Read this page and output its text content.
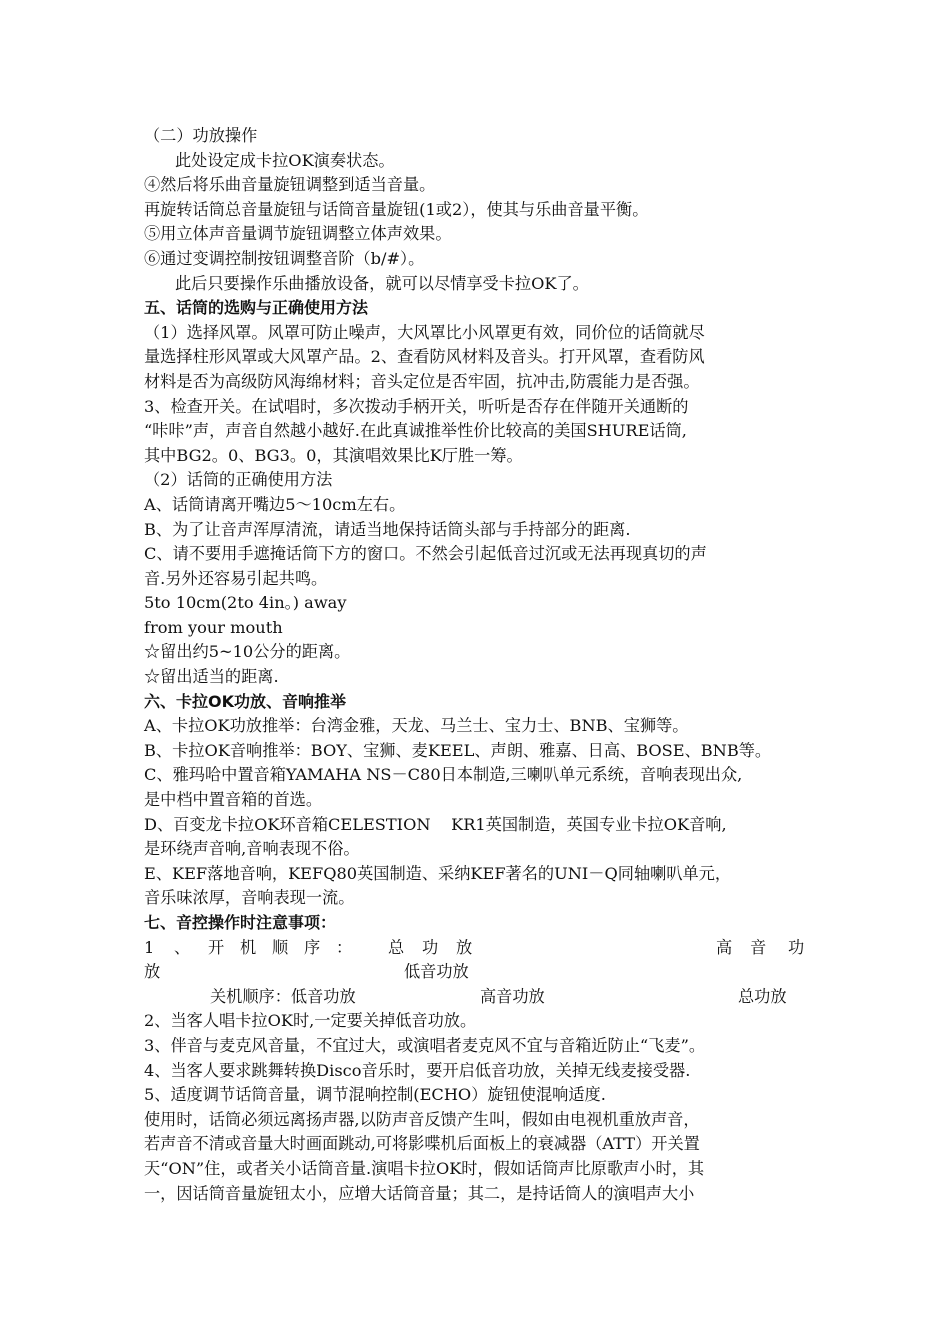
（二）功放操作
此处设定成卡拉OK演奏状态。
④然后将乐曲音量旋钮调整到适当音量。
再旋转话筒总音量旋钮与话筒音量旋钮(1或2），使其与乐曲音量平衡。
⑤用立体声音量调节旋钮调整立体声效果。
⑥通过变调控制按钮调整音阶（b/#）。
此后只要操作乐曲播放设备，就可以尽情享受卡拉OK了。
五、话筒的选购与正确使用方法
（1）选择风罩。风罩可防止噪声，大风罩比小风罩更有效，同价位的话筒就尽
量选择柱形风罩或大风罩产品。2、查看防风材料及音头。打开风罩，查看防风
材料是否为高级防风海绵材料；音头定位是否牢固，抗冲击,防震能力是否强。
3、检查开关。在试唱时，多次拨动手柄开关，听听是否存在伴随开关通断的
“咔咔”声，声音自然越小越好.在此真诚推举性价比较高的美国SHURE话筒,
其中BG2。0、BG3。0，其演唱效果比K厅胜一筹。
（2）话筒的正确使用方法
A、话筒请离开嘴边5～10cm左右。
B、为了让音声浑厚清流，请适当地保持话筒头部与手持部分的距离.
C、请不要用手遮掩话筒下方的窗口。不然会引起低音过沉或无法再现真切的声
音.另外还容易引起共鸣。
5to 10cm(2to 4in。) away
from your mouth
☆留出约5~10公分的距离。
☆留出适当的距离.
六、卡拉OK功放、音响推举
A、卡拉OK功放推举：台湾金雅，天龙、马兰士、宝力士、BNB、宝狮等。
B、卡拉OK音响推举：BOY、宝狮、麦KEEL、声朗、雅嘉、日高、BOSE、BNB等。
C、雅玛哈中置音箱YAMAHA NS－C80日本制造,三喇叭单元系统，音响表现出众,
是中档中置音箱的首选。
D、百变龙卡拉OK环音箱CELESTION    KR1英国制造，英国专业卡拉OK音响,
是环绕声音响,音响表现不俗。
E、KEF落地音响，KEFQ80英国制造、采纳KEF著名的UNI－Q同轴喇叭单元，
音乐味浓厚，音响表现一流。
七、音控操作时注意事项：
1 、 开 机 顺 序 ： 总 功 放	高 音 功
放	低音功放
关机顺序：低音功放	高音功放	总功放
2、当客人唱卡拉OK时,一定要关掉低音功放。
3、伴音与麦克风音量，不宜过大，或演唱者麦克风不宜与音箱近防止“飞麦”。
4、当客人要求跳舞转换Disco音乐时，要开启低音功放，关掉无线麦接受器.
5、适度调节话筒音量，调节混响控制(ECHO）旋钮使混响适度.
使用时，话筒必须远离扬声器,以防声音反馈产生叫，假如由电视机重放声音，
若声音不清或音量大时画面跳动,可将影喋机后面板上的衰减器（ATT）开关置
天“ON”住，或者关小话筒音量.演唱卡拉OK时，假如话筒声比原歌声小时，其
一，因话筒音量旋钮太小，应增大话筒音量；其二，是持话筒人的演唱声大小
